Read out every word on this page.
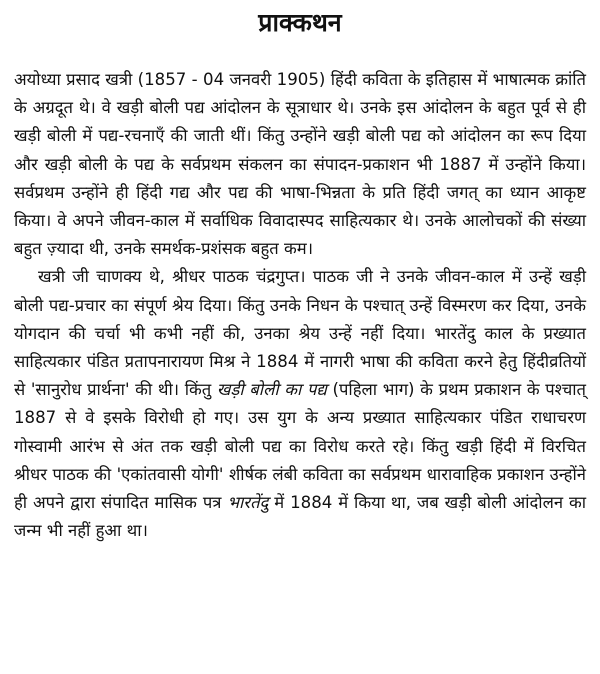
प्राक्कथन

अयोध्या प्रसाद खत्री (1857 - 04 जनवरी 1905) हिंदी कविता के इतिहास में भाषात्मक क्रांति के अग्रदूत थे। वे खड़ी बोली पद्य आंदोलन के सूत्राधार थे। उनके इस आंदोलन के बहुत पूर्व से ही खड़ी बोली में पद्य-रचनाएँ की जाती थीं। किंतु उन्होंने खड़ी बोली पद्य को आंदोलन का रूप दिया और खड़ी बोली के पद्य के सर्वप्रथम संकलन का संपादन-प्रकाशन भी 1887 में उन्होंने किया। सर्वप्रथम उन्होंने ही हिंदी गद्य और पद्य की भाषा-भिन्नता के प्रति हिंदी जगत् का ध्यान आकृष्ट किया। वे अपने जीवन-काल में सर्वाधिक विवादास्पद साहित्यकार थे। उनके आलोचकों की संख्या बहुत ज़्यादा थी, उनके समर्थक-प्रशंसक बहुत कम।

खत्री जी चाणक्य थे, श्रीधर पाठक चंद्रगुप्त। पाठक जी ने उनके जीवन-काल में उन्हें खड़ी बोली पद्य-प्रचार का संपूर्ण श्रेय दिया। किंतु उनके निधन के पश्चात् उन्हें विस्मरण कर दिया, उनके योगदान की चर्चा भी कभी नहीं की, उनका श्रेय उन्हें नहीं दिया। भारतेंदु काल के प्रख्यात साहित्यकार पंडित प्रतापनारायण मिश्र ने 1884 में नागरी भाषा की कविता करने हेतु हिंदीव्रतियों से 'सानुरोध प्रार्थना' की थी। किंतु खड़ी बोली का पद्य (पहिला भाग) के प्रथम प्रकाशन के पश्चात् 1887 से वे इसके विरोधी हो गए। उस युग के अन्य प्रख्यात साहित्यकार पंडित राधाचरण गोस्वामी आरंभ से अंत तक खड़ी बोली पद्य का विरोध करते रहे। किंतु खड़ी हिंदी में विरचित श्रीधर पाठक की 'एकांतवासी योगी' शीर्षक लंबी कविता का सर्वप्रथम धारावाहिक प्रकाशन उन्होंने ही अपने द्वारा संपादित मासिक पत्र भारतेंदु में 1884 में किया था, जब खड़ी बोली आंदोलन का जन्म भी नहीं हुआ था।
